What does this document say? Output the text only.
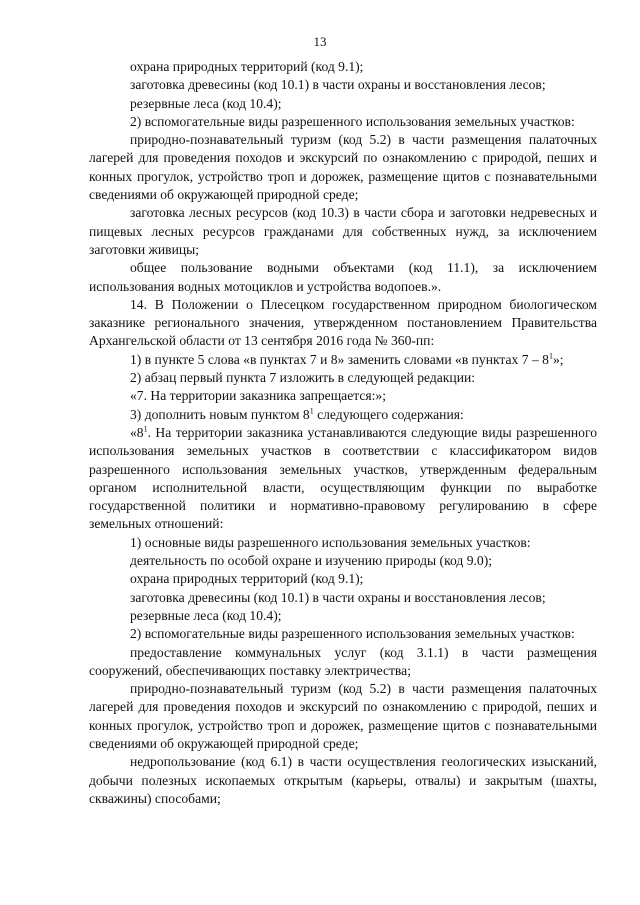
13

охрана природных территорий (код 9.1);

заготовка древесины (код 10.1) в части охраны и восстановления лесов;

резервные леса (код 10.4);

2) вспомогательные виды разрешенного использования земельных участков:

природно-познавательный туризм (код 5.2) в части размещения палаточных лагерей для проведения походов и экскурсий по ознакомлению с природой, пеших и конных прогулок, устройство троп и дорожек, размещение щитов с познавательными сведениями об окружающей природной среде;

заготовка лесных ресурсов (код 10.3) в части сбора и заготовки недревесных и пищевых лесных ресурсов гражданами для собственных нужд, за исключением заготовки живицы;

общее пользование водными объектами (код 11.1), за исключением использования водных мотоциклов и устройства водопоев.».

14. В Положении о Плесецком государственном природном биологическом заказнике регионального значения, утвержденном постановлением Правительства Архангельской области от 13 сентября 2016 года № 360-пп:

1) в пункте 5 слова «в пунктах 7 и 8» заменить словами «в пунктах $7 - 8^1$»;

2) абзац первый пункта 7 изложить в следующей редакции:

«7. На территории заказника запрещается:»;

3) дополнить новым пунктом $8^1$ следующего содержания:

«$8^1$. На территории заказника устанавливаются следующие виды разрешенного использования земельных участков в соответствии с классификатором видов разрешенного использования земельных участков, утвержденным федеральным органом исполнительной власти, осуществляющим функции по выработке государственной политики и нормативно-правовому регулированию в сфере земельных отношений:

1) основные виды разрешенного использования земельных участков:

деятельность по особой охране и изучению природы (код 9.0);

охрана природных территорий (код 9.1);

заготовка древесины (код 10.1) в части охраны и восстановления лесов;

резервные леса (код 10.4);

2) вспомогательные виды разрешенного использования земельных участков:

предоставление коммунальных услуг (код 3.1.1) в части размещения сооружений, обеспечивающих поставку электричества;

природно-познавательный туризм (код 5.2) в части размещения палаточных лагерей для проведения походов и экскурсий по ознакомлению с природой, пеших и конных прогулок, устройство троп и дорожек, размещение щитов с познавательными сведениями об окружающей природной среде;

недропользование (код 6.1) в части осуществления геологических изысканий, добычи полезных ископаемых открытым (карьеры, отвалы) и закрытым (шахты, скважины) способами;
